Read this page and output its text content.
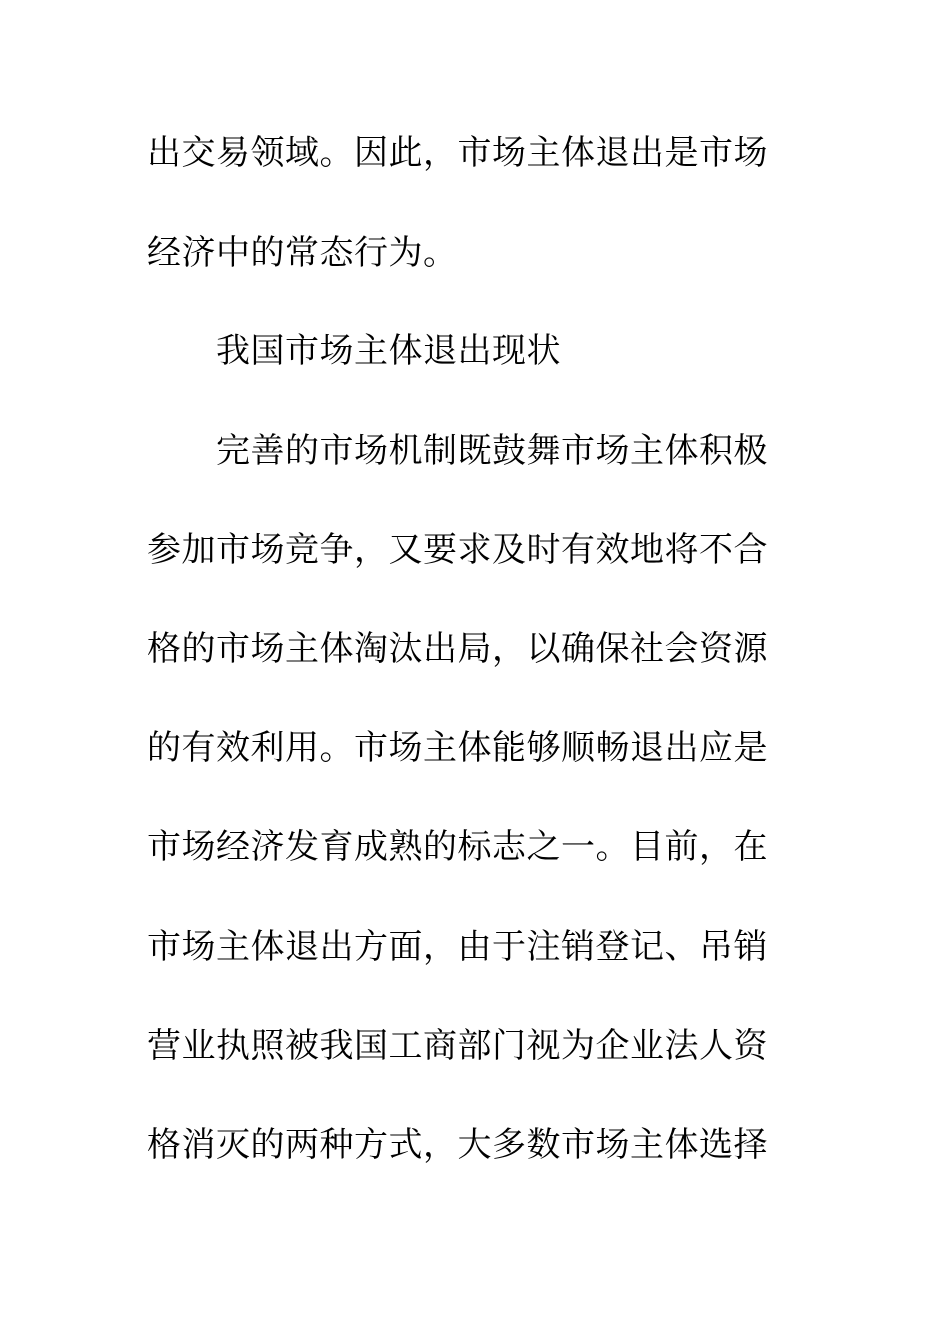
出交易领域。因此，市场主体退出是市场
经济中的常态行为。
我国市场主体退出现状
完善的市场机制既鼓舞市场主体积极
参加市场竞争，又要求及时有效地将不合
格的市场主体淘汰出局，以确保社会资源
的有效利用。市场主体能够顺畅退出应是
市场经济发育成熟的标志之一。目前，在
市场主体退出方面，由于注销登记、吊销
营业执照被我国工商部门视为企业法人资
格消灭的两种方式，大多数市场主体选择
